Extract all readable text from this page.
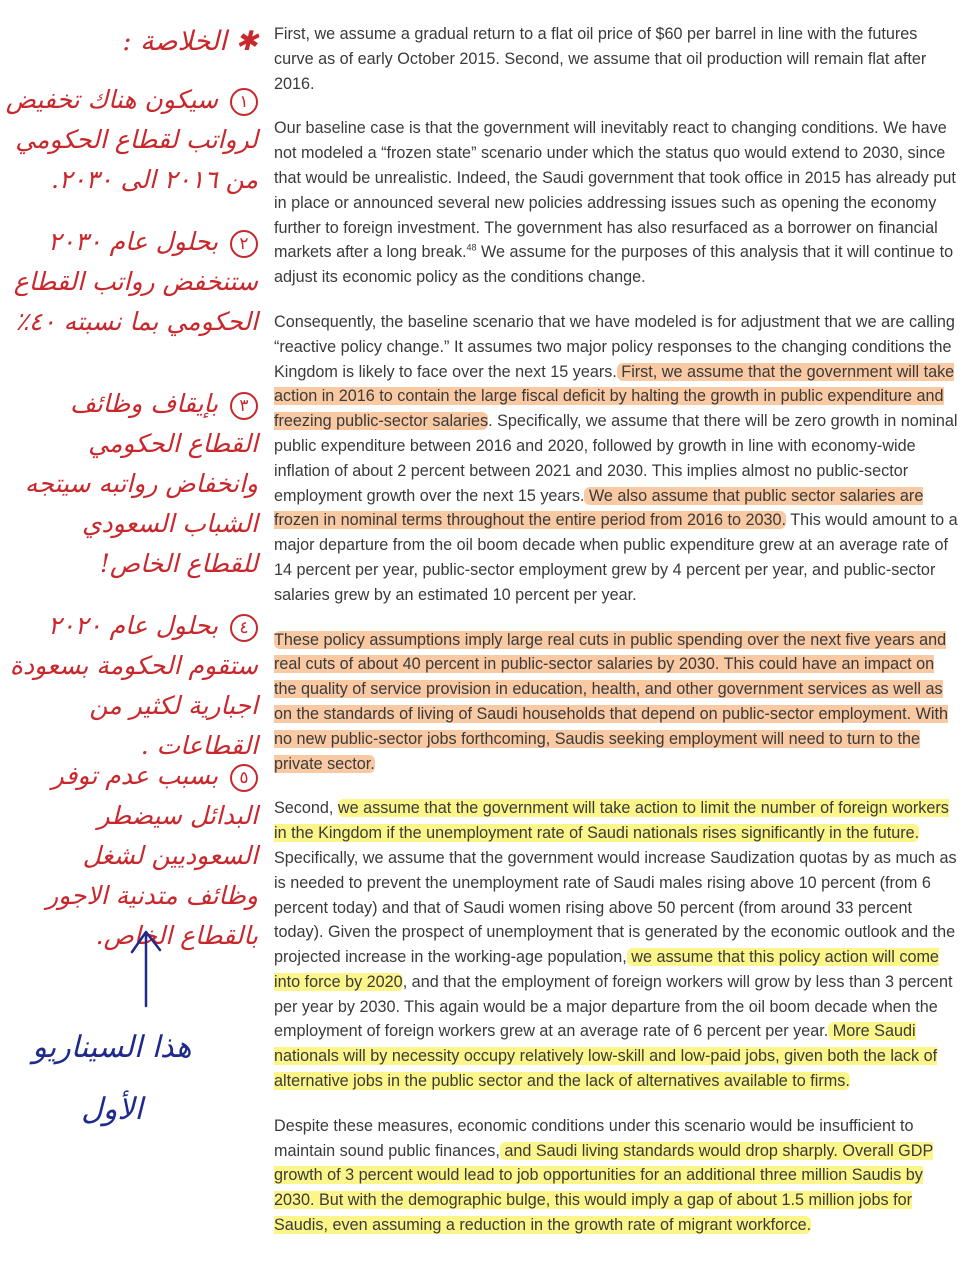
✱ الخلاصة :
١ سيكون هناك تخفيض لرواتب لقطاع الحكومي من ٢٠١٦ الى ٢٠٣٠.
٢ بحلول عام ٢٠٣٠ ستنخفض رواتب القطاع الحكومي بما نسبته ٤٠٪
٣ بإيقاف وظائف القطاع الحكومي وانخفاض رواتبه سيتجه الشباب السعودي للقطاع الخاص!
٤ بحلول عام ٢٠٢٠ ستقوم الحكومة بسعودة اجبارية لكثير من القطاعات .
٥ بسبب عدم توفر البدائل سيضطر السعوديين لشغل وظائف متدنية الاجور بالقطاع الخاص.
هذا السيناريو
الأول

First, we assume a gradual return to a flat oil price of $60 per barrel in line with the futures curve as of early October 2015. Second, we assume that oil production will remain flat after 2016.

Our baseline case is that the government will inevitably react to changing conditions. We have not modeled a “frozen state” scenario under which the status quo would extend to 2030, since that would be unrealistic. Indeed, the Saudi government that took office in 2015 has already put in place or announced several new policies addressing issues such as opening the economy further to foreign investment. The government has also resurfaced as a borrower on financial markets after a long break.$^{48}$ We assume for the purposes of this analysis that it will continue to adjust its economic policy as the conditions change.

Consequently, the baseline scenario that we have modeled is for adjustment that we are calling “reactive policy change.” It assumes two major policy responses to the changing conditions the Kingdom is likely to face over the next 15 years. First, we assume that the government will take action in 2016 to contain the large fiscal deficit by halting the growth in public expenditure and freezing public-sector salaries. Specifically, we assume that there will be zero growth in nominal public expenditure between 2016 and 2020, followed by growth in line with economy-wide inflation of about 2 percent between 2021 and 2030. This implies almost no public-sector employment growth over the next 15 years. We also assume that public sector salaries are frozen in nominal terms throughout the entire period from 2016 to 2030. This would amount to a major departure from the oil boom decade when public expenditure grew at an average rate of 14 percent per year, public-sector employment grew by 4 percent per year, and public-sector salaries grew by an estimated 10 percent per year.

These policy assumptions imply large real cuts in public spending over the next five years and real cuts of about 40 percent in public-sector salaries by 2030. This could have an impact on the quality of service provision in education, health, and other government services as well as on the standards of living of Saudi households that depend on public-sector employment. With no new public-sector jobs forthcoming, Saudis seeking employment will need to turn to the private sector.

Second, we assume that the government will take action to limit the number of foreign workers in the Kingdom if the unemployment rate of Saudi nationals rises significantly in the future. Specifically, we assume that the government would increase Saudization quotas by as much as is needed to prevent the unemployment rate of Saudi males rising above 10 percent (from 6 percent today) and that of Saudi women rising above 50 percent (from around 33 percent today). Given the prospect of unemployment that is generated by the economic outlook and the projected increase in the working-age population, we assume that this policy action will come into force by 2020, and that the employment of foreign workers will grow by less than 3 percent per year by 2030. This again would be a major departure from the oil boom decade when the employment of foreign workers grew at an average rate of 6 percent per year. More Saudi nationals will by necessity occupy relatively low-skill and low-paid jobs, given both the lack of alternative jobs in the public sector and the lack of alternatives available to firms.

Despite these measures, economic conditions under this scenario would be insufficient to maintain sound public finances, and Saudi living standards would drop sharply. Overall GDP growth of 3 percent would lead to job opportunities for an additional three million Saudis by 2030. But with the demographic bulge, this would imply a gap of about 1.5 million jobs for Saudis, even assuming a reduction in the growth rate of migrant workforce.
